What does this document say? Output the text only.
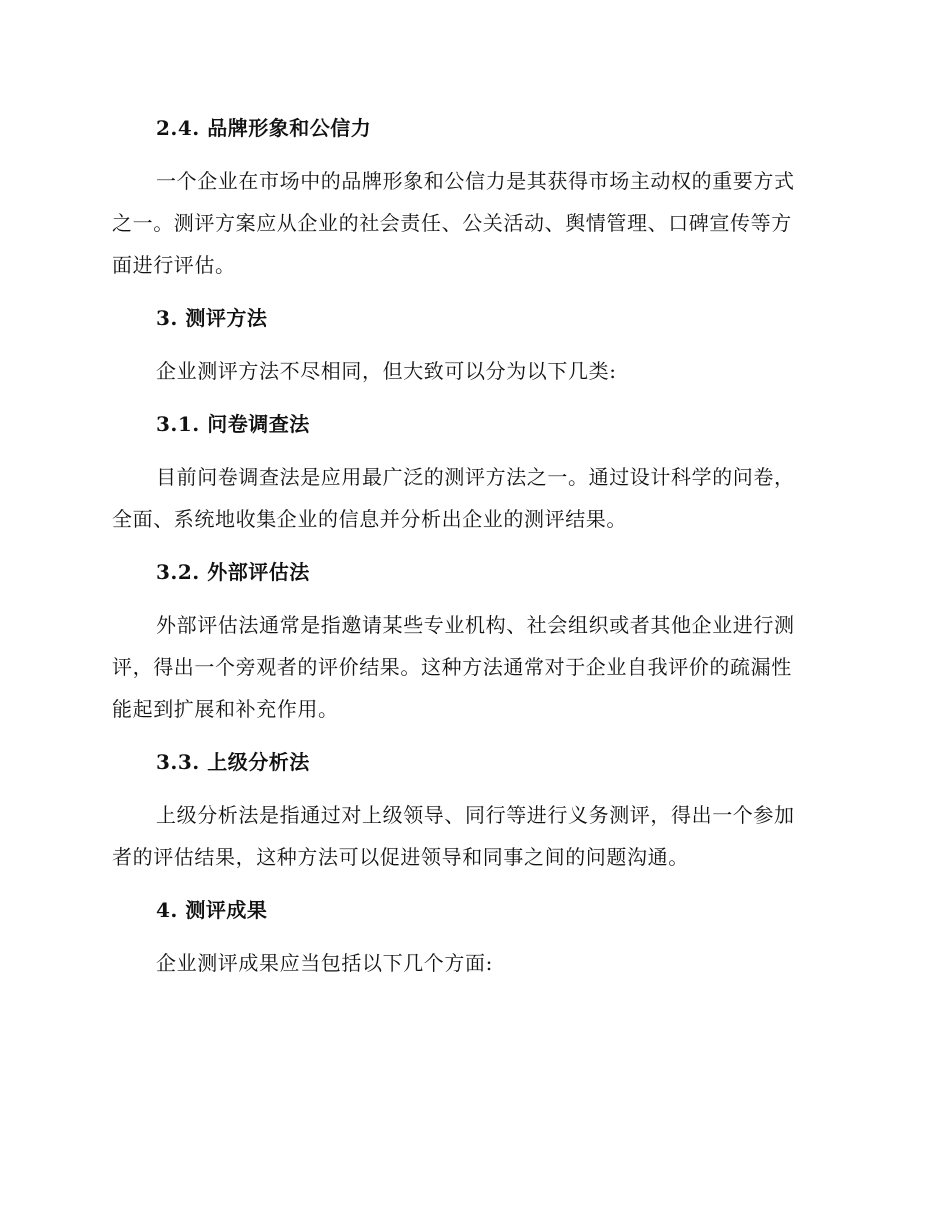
2.4. 品牌形象和公信力
一个企业在市场中的品牌形象和公信力是其获得市场主动权的重要方式
之一。测评方案应从企业的社会责任、公关活动、舆情管理、口碑宣传等方
面进行评估。
3. 测评方法
企业测评方法不尽相同，但大致可以分为以下几类:
3.1. 问卷调查法
目前问卷调查法是应用最广泛的测评方法之一。通过设计科学的问卷，
全面、系统地收集企业的信息并分析出企业的测评结果。
3.2. 外部评估法
外部评估法通常是指邀请某些专业机构、社会组织或者其他企业进行测
评，得出一个旁观者的评价结果。这种方法通常对于企业自我评价的疏漏性
能起到扩展和补充作用。
3.3. 上级分析法
上级分析法是指通过对上级领导、同行等进行义务测评，得出一个参加
者的评估结果，这种方法可以促进领导和同事之间的问题沟通。
4. 测评成果
企业测评成果应当包括以下几个方面:
